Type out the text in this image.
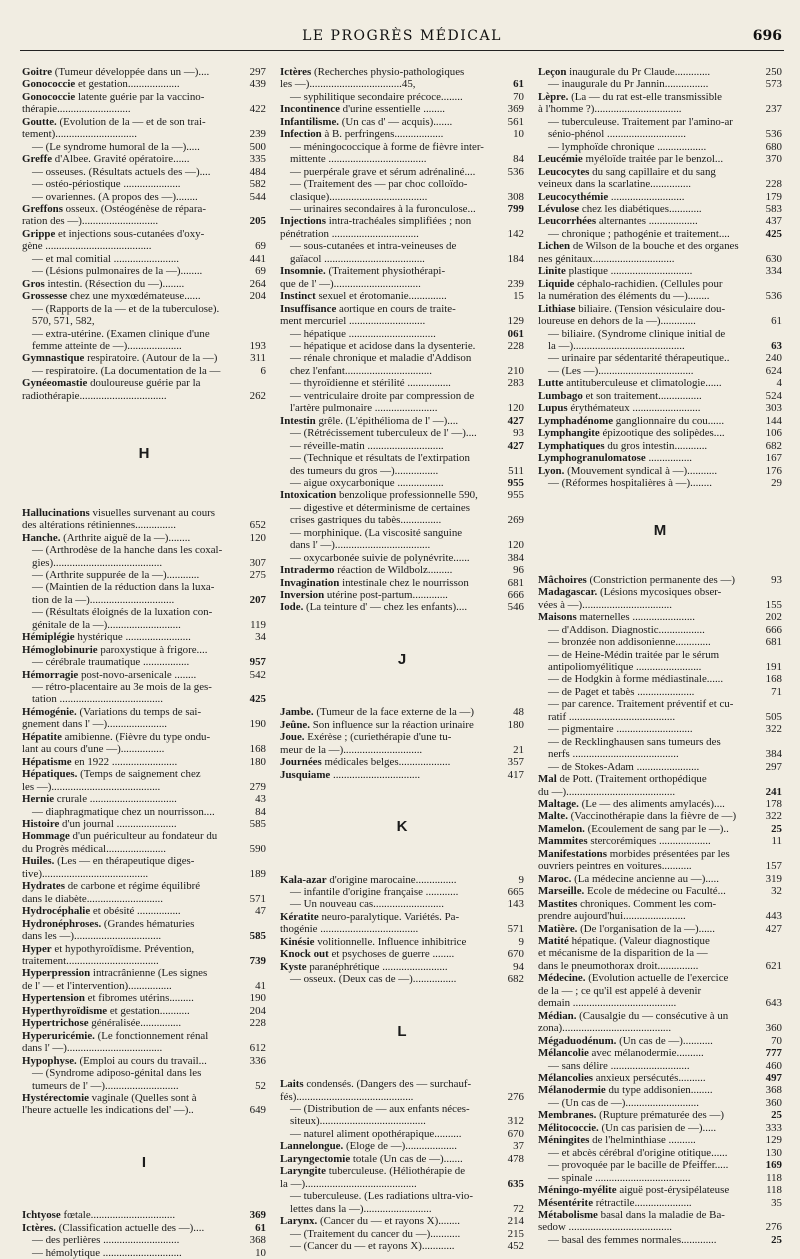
LE PROGRÈS MÉDICAL	696
Goitre (Tumeur développée dans un —)....	297
Gonococcie et gestation...................	439
Gonococcie latente guérie par la vaccino-
thérapie...........................	422
Goutte. (Evolution de la — et de son trai-
tement)..............................	239
— (Le syndrome humoral de la —).....	500
Greffe d'Albee. Gravité opératoire......	335
— osseuses. (Résultats actuels des —)....	484
— ostéo-périostique .....................	582
— ovariennes. (A propos des —)........	544
Greffons osseux. (Ostéogénèse de répara-
ration des —)............................	205
Grippe et injections sous-cutanées d'oxy-
gène .......................................	69
— et mal comitial ........................	441
— (Lésions pulmonaires de la —)........	69
Gros intestin. (Résection du —)........	264
Grossesse chez une myxœdémateuse......	204
— (Rapports de la — et de la tuberculose).
570, 571, 582,
— extra-utérine. (Examen clinique d'une
femme atteinte de —)....................	193
Gymnastique respiratoire. (Autour de la —)	311
— respiratoire. (La documentation de la —	6
Gynéeomastie douloureuse guérie par la
radiothérapie................................	262
H
Hallucinations visuelles survenant au cours
des altérations rétiniennes...............	652
Hanche. (Arthrite aiguë de la —)........	120
— (Arthrodèse de la hanche dans les coxal-
gies)........................................	307
— (Arthrite suppurée de la —)............	275
— (Maintien de la réduction dans la luxa-
tion de la —)...............................	207
— (Résultats éloignés de la luxation con-
génitale de la —)...........................	119
Hémiplégie hystérique ........................	34
Hémoglobinurie paroxystique à frigore....
— cérébrale traumatique .................	957
Hémorragie post-novo-arsenicale ........	542
— rétro-placentaire au 3e mois de la ges-
tation ......................................	425
Hémogénie. (Variations du temps de sai-
gnement dans l' —)......................	190
Hépatite amibienne. (Fièvre du type ondu-
lant au cours d'une —)................	168
Hépatisme en 1922 ........................	180
Hépatiques. (Temps de saignement chez
les —)........................................	279
Hernie crurale ................................	43
— diaphragmatique chez un nourrisson....	84
Histoire d'un journal ......................	585
Hommage d'un puériculteur au fondateur du
du Progrès médical......................	590
Huiles. (Les — en thérapeutique diges-
tive).......................................	189
Hydrates de carbone et régime équilibré
dans le diabète............................	571
Hydrocéphalie et obésité ................	47
Hydronéphroses. (Grandes hématuries
dans les —)................................	585
Hyper et hypothyroïdisme. Prévention,
traitement..................................	739
Hyperpression intracrânienne (Les signes
de l' — et l'intervention)................	41
Hypertension et fibromes utérins.........	190
Hyperthyroïdisme et gestation...........	204
Hypertrichose généralisée...............	228
Hyperuricémie. (Le fonctionnement rénal
dans l' —)...................................	612
Hypophyse. (Emploi au cours du travail...	336
— (Syndrome adiposo-génital dans les
tumeurs de l' —)...........................	52
Hystérectomie vaginale (Quelles sont à
l'heure actuelle les indications del' —)..	649
I
Ichtyose fœtale...............................	369
Ictères. (Classification actuelle des —)....	61
— des perlières ............................	368
— hémolytique .............................	10
Ictères (Recherches physio-pathologiques
les —)..................................45,	61
— syphilitique secondaire précoce........	70
Incontinence d'urine essentielle ........	369
Infantilisme. (Un cas d' — acquis).......	561
Infection à B. perfringens..................	10
— méningococcique à forme de fièvre inter-
mittente ....................................	84
— puerpérale grave et sérum adrénaliné....	536
— (Traitement des — par choc colloïdo-
clasique)....................................	308
— urinaires secondaires à la furonculose...	799
Injections intra-trachéales simplifiées ; non
pénétration ................................	142
— sous-cutanées et intra-veineuses de
gaïacol .....................................	184
Insomnie. (Traitement physiothérapi-
que de l' —)................................	239
Instinct sexuel et érotomanie..............	15
Insuffisance aortique en cours de traite-
ment mercuriel ............................	129
— hépatique ................................	061
— hépatique et acidose dans la dysenterie.	228
— rénale chronique et maladie d'Addison
chez l'enfant................................	210
— thyroïdienne et stérilité ................	283
— ventriculaire droite par compression de
l'artère pulmonaire .......................	120
Intestin grêle. (L'épithélioma de l' —)....	427
— (Rétrécissement tuberculeux de l' —)....	93
— réveille-matin ............................	427
— (Technique et résultats de l'extirpation
des tumeurs du gros —)................	511
— aigue oxycarbonique .................	955
Intoxication benzolique professionnelle 590,	955
— digestive et déterminisme de certaines
crises gastriques du tabès...............	269
— morphinique. (La viscosité sanguine
dans l' —)...................................	120
— oxycarbonée suivie de polynévrite......	384
Intradermo réaction de Wildbolz.........	96
Invagination intestinale chez le nourrisson	681
Inversion utérine post-partum.............	666
Iode. (La teinture d' — chez les enfants)....	546
J
Jambe. (Tumeur de la face externe de la —)	48
Jeûne. Son influence sur la réaction urinaire	180
Joue. Exérèse ; (curiethérapie d'une tu-
meur de la —).............................	21
Journées médicales belges...................	357
Jusquiame ................................	417
K
Kala-azar d'origine marocaine...............	9
— infantile d'origine française ............	665
— Un nouveau cas..........................	143
Kératite neuro-paralytique. Variétés. Pa-
thogénie ....................................	571
Kinésie volitionnelle. Influence inhibitrice	9
Knock out et psychoses de guerre ........	670
Kyste paranéphrétique ........................	94
— osseux. (Deux cas de —)................	682
L
Laits condensés. (Dangers des — surchauf-
fés)...........................................	276
— (Distribution de — aux enfants néces-
siteux).......................................	312
— naturel aliment opothérapique..........	670
Lannelongue. (Eloge de —)...................	37
Laryngectomie totale (Un cas de —).......	478
Laryngite tuberculeuse. (Héliothérapie de
la —).........................................	635
— tuberculeuse. (Les radiations ultra-vio-
lettes dans la —).........................	72
Larynx. (Cancer du — et rayons X)........	214
— (Traitement du cancer du —)...........	215
— (Cancer du — et rayons X)............	452
Leçon inaugurale du Pr Claude.............	250
— inaugurale du Pr Jannin................	573
Lèpre. (La — du rat est-elle transmissible
à l'homme ?)................................	237
— tuberculeuse. Traitement par l'amino-ar
sénio-phénol .............................	536
— lymphoïde chronique ..................	680
Leucémie myéloïde traitée par le benzol...	370
Leucocytes du sang capillaire et du sang
veineux dans la scarlatine...............	228
Leucocythémie ...........................	179
Lévulose chez les diabétiques............	583
Leucorrhées alternantes ..................	437
— chronique ; pathogénie et traitement....	425
Lichen de Wilson de la bouche et des organes
nes génitaux..............................	630
Linite plastique ..............................	334
Liquide céphalo-rachidien. (Cellules pour
la numération des éléments du —)........	536
Lithiase biliaire. (Tension vésiculaire dou-
loureuse en dehors de la —).............	61
— biliaire. (Syndrome clinique initial de
la —).........................................	63
— urinaire par sédentarité thérapeutique..	240
— (Les —)...................................	624
Lutte antituberculeuse et climatologie......	4
Lumbago et son traitement................	524
Lupus érythémateux .........................	303
Lymphadénome ganglionnaire du cou......	144
Lymphangite épizootique des solipèdes....	106
Lymphatiques du gros intestin............	682
Lymphogranulomatose ................	167
Lyon. (Mouvement syndical à —)...........	176
— (Réformes hospitalières à —)........	29
M
Mâchoires (Constriction permanente des —)	93
Madagascar. (Lésions mycosiques obser-
vées à —).................................	155
Maisons maternelles .......................	202
— d'Addison. Diagnostic.................	666
— bronzée non addisonienne.............	681
— de Heine-Médin traitée par le sérum
antipoliomyélitique ........................	191
— de Hodgkin à forme médiastinale......	168
— de Paget et tabès .....................	71
— par carence. Traitement préventif et cu-
ratif .......................................	505
— pigmentaire ............................	322
— de Recklinghausen sans tumeurs des
nerfs .......................................	384
— de Stokes-Adam .......................	297
Mal de Pott. (Traitement orthopédique
du —)........................................	241
Maltage. (Le — des aliments amylacés)....	178
Malte. (Vaccinothérapie dans la fièvre de —)	322
Mamelon. (Ecoulement de sang par le —)..	25
Mammites stercorémiques ...................	11
Manifestations morbides présentées par les
ouvriers peintres en voitures...........	157
Maroc. (La médecine ancienne au —).....	319
Marseille. Ecole de médecine ou Faculté...	32
Mastites chroniques. Comment les com-
prendre aujourd'hui.......................	443
Matière. (De l'organisation de la —)......	427
Matité hépatique. (Valeur diagnostique
et mécanisme de la disparition de la —
dans le pneumothorax droit...............	621
Médecine. (Evolution actuelle de l'exercice
de la — ; ce qu'il est appelé à devenir
demain ......................................	643
Médian. (Causalgie du — consécutive à un
zona)........................................	360
Mégaduodénum. (Un cas de —)...........	70
Mélancolie avec mélanodermie..........	777
— sans délire .............................	460
Mélancolies anxieux persécutés..........	497
Mélanodermie du type addisonien........	368
— (Un cas de —)...........................	360
Membranes. (Rupture prématurée des —)	25
Mélitococcie. (Un cas parisien de —).....	333
Méningites de l'helminthiase ..........	129
— et abcès cérébral d'origine otitique......	130
— provoquée par le bacille de Pfeiffer.....	169
— spinale ...................................	118
Méningo-myélite aiguë post-érysipélateuse	118
Mésentérite rétractile.....................	35
Métabolisme basal dans la maladie de Ba-
sedow ......................................	276
— basal des femmes normales.............	25
